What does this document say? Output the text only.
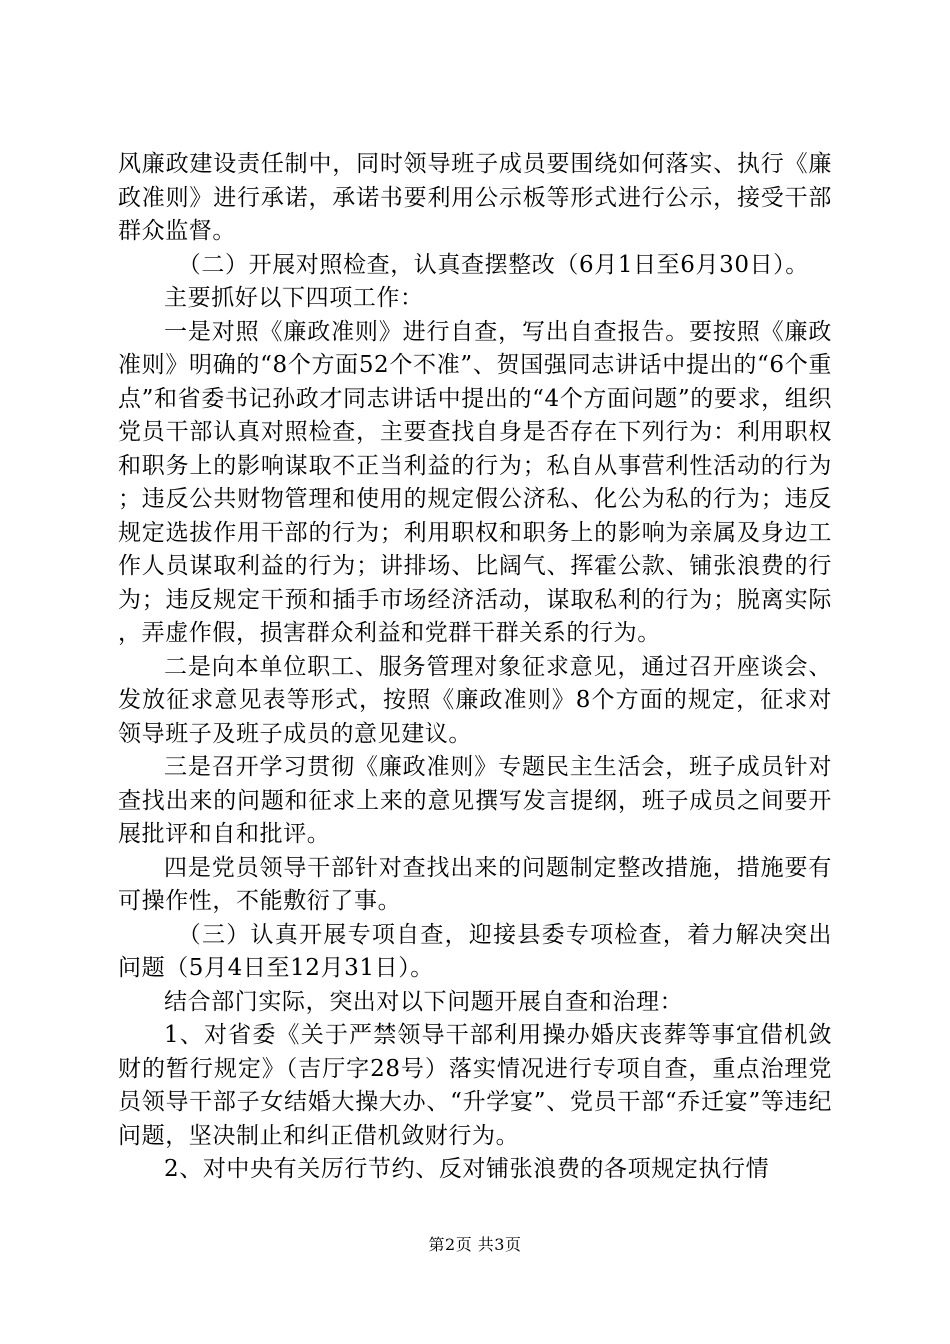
风廉政建设责任制中，同时领导班子成员要围绕如何落实、执行《廉政准则》进行承诺，承诺书要利用公示板等形式进行公示，接受干部群众监督。

（二）开展对照检查，认真查摆整改（6月1日至6月30日）。

主要抓好以下四项工作：

一是对照《廉政准则》进行自查，写出自查报告。要按照《廉政准则》明确的“8个方面52个不准”、贺国强同志讲话中提出的“6个重点”和省委书记孙政才同志讲话中提出的“4个方面问题”的要求，组织党员干部认真对照检查，主要查找自身是否存在下列行为：利用职权和职务上的影响谋取不正当利益的行为；私自从事营利性活动的行为；违反公共财物管理和使用的规定假公济私、化公为私的行为；违反规定选拔作用干部的行为；利用职权和职务上的影响为亲属及身边工作人员谋取利益的行为；讲排场、比阔气、挥霍公款、铺张浪费的行为；违反规定干预和插手市场经济活动，谋取私利的行为；脱离实际，弄虚作假，损害群众利益和党群干群关系的行为。

二是向本单位职工、服务管理对象征求意见，通过召开座谈会、发放征求意见表等形式，按照《廉政准则》8个方面的规定，征求对领导班子及班子成员的意见建议。

三是召开学习贯彻《廉政准则》专题民主生活会，班子成员针对查找出来的问题和征求上来的意见撰写发言提纲，班子成员之间要开展批评和自和批评。

四是党员领导干部针对查找出来的问题制定整改措施，措施要有可操作性，不能敷衍了事。

（三）认真开展专项自查，迎接县委专项检查，着力解决突出问题（5月4日至12月31日）。

结合部门实际，突出对以下问题开展自查和治理：

1、对省委《关于严禁领导干部利用操办婚庆丧葬等事宜借机敛财的暂行规定》（吉厅字28号）落实情况进行专项自查，重点治理党员领导干部子女结婚大操大办、“升学宴”、党员干部“乔迁宴”等违纪问题，坚决制止和纠正借机敛财行为。

2、对中央有关厉行节约、反对铺张浪费的各项规定执行情

第2页 共3页
